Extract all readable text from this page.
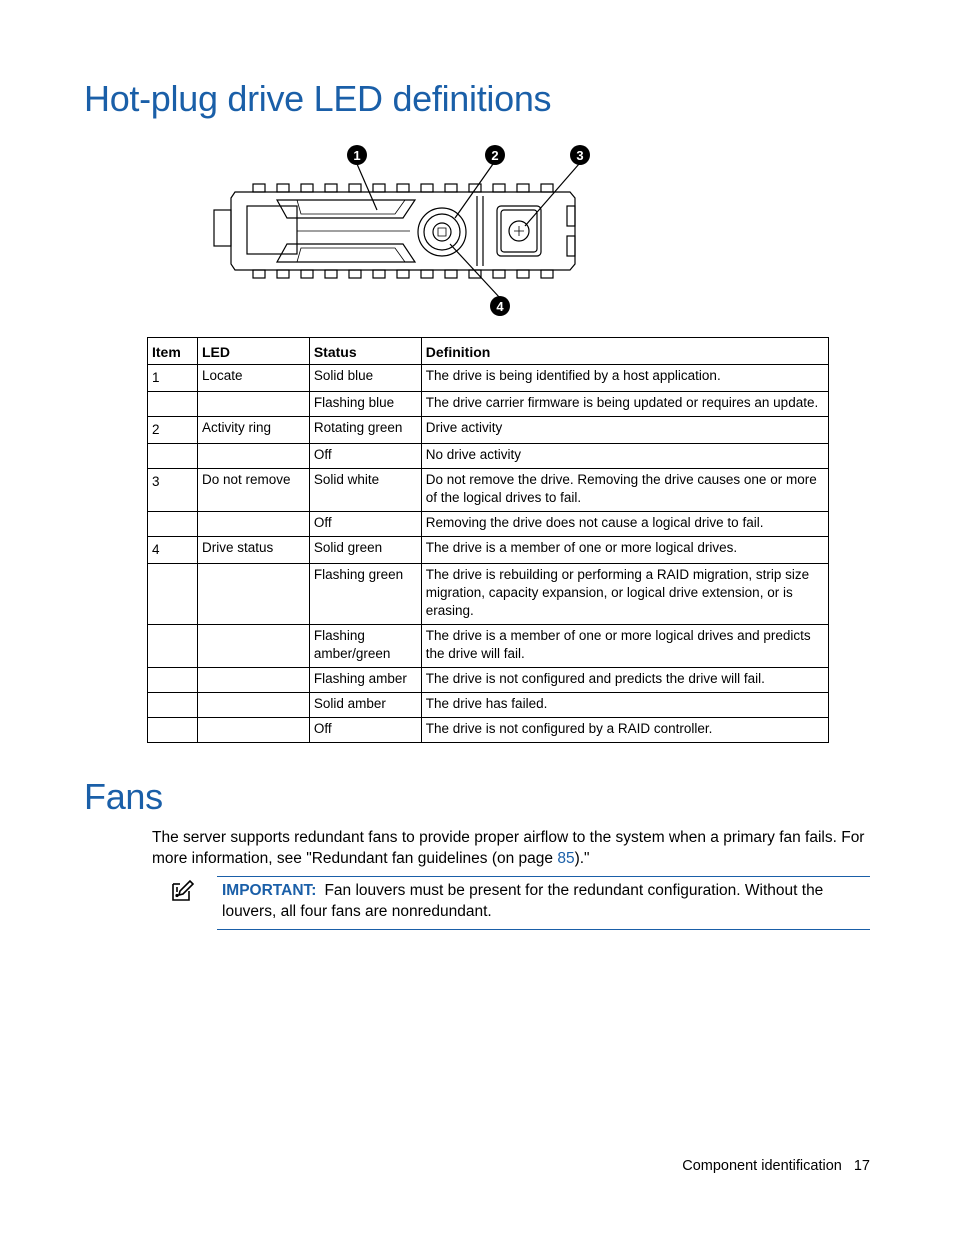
Hot-plug drive LED definitions
1	2	3
4
Item	LED	Status	Definition
1	Locate	Solid blue	The drive is being identified by a host application.
		Flashing blue	The drive carrier firmware is being updated or requires an update.
2	Activity ring	Rotating green	Drive activity
		Off	No drive activity
3	Do not remove	Solid white	Do not remove the drive. Removing the drive causes one or more of the logical drives to fail.
		Off	Removing the drive does not cause a logical drive to fail.
4	Drive status	Solid green	The drive is a member of one or more logical drives.
		Flashing green	The drive is rebuilding or performing a RAID migration, strip size migration, capacity expansion, or logical drive extension, or is erasing.
		Flashing amber/green	The drive is a member of one or more logical drives and predicts the drive will fail.
		Flashing amber	The drive is not configured and predicts the drive will fail.
		Solid amber	The drive has failed.
		Off	The drive is not configured by a RAID controller.
Fans

The server supports redundant fans to provide proper airflow to the system when a primary fan fails. For more information, see "Redundant fan guidelines (on page 85)."

IMPORTANT: Fan louvers must be present for the redundant configuration. Without the louvers, all four fans are nonredundant.

Component identification 17
